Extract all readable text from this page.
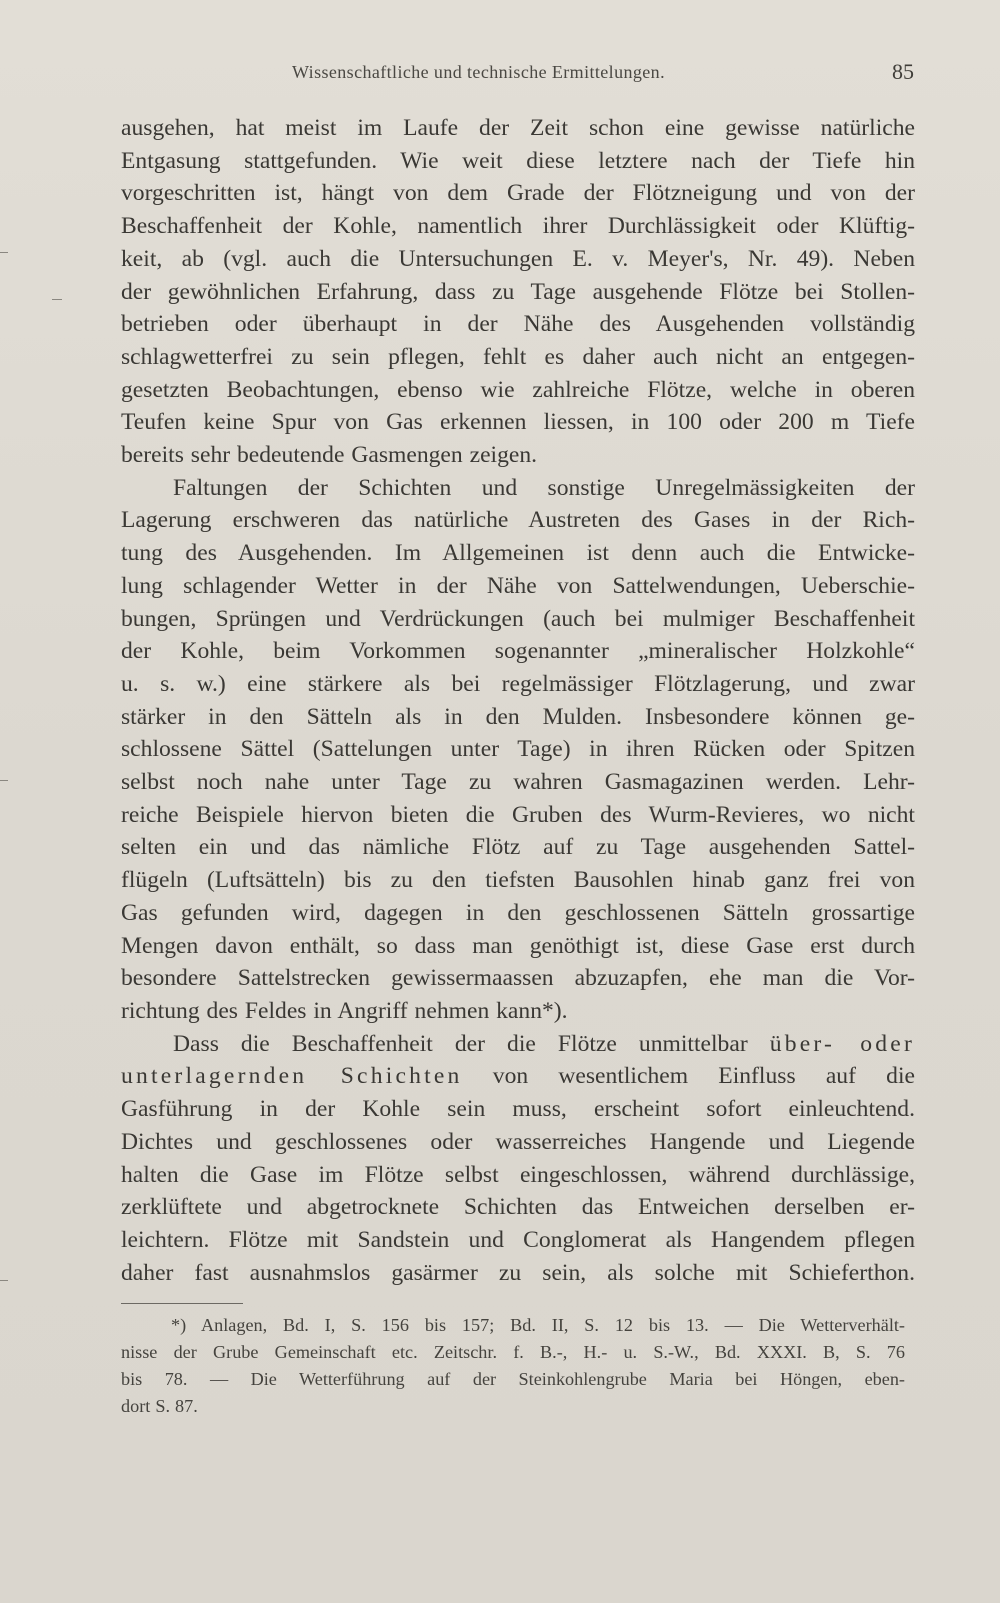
Wissenschaftliche und technische Ermittelungen.	85

ausgehen, hat meist im Laufe der Zeit schon eine gewisse natürliche
Entgasung stattgefunden. Wie weit diese letztere nach der Tiefe hin
vorgeschritten ist, hängt von dem Grade der Flötzneigung und von der
Beschaffenheit der Kohle, namentlich ihrer Durchlässigkeit oder Klüftig-
keit, ab (vgl. auch die Untersuchungen E. v. Meyer's, Nr. 49). Neben
der gewöhnlichen Erfahrung, dass zu Tage ausgehende Flötze bei Stollen-
betrieben oder überhaupt in der Nähe des Ausgehenden vollständig
schlagwetterfrei zu sein pflegen, fehlt es daher auch nicht an entgegen-
gesetzten Beobachtungen, ebenso wie zahlreiche Flötze, welche in oberen
Teufen keine Spur von Gas erkennen liessen, in 100 oder 200 m Tiefe
bereits sehr bedeutende Gasmengen zeigen.

Faltungen der Schichten und sonstige Unregelmässigkeiten der
Lagerung erschweren das natürliche Austreten des Gases in der Rich-
tung des Ausgehenden. Im Allgemeinen ist denn auch die Entwicke-
lung schlagender Wetter in der Nähe von Sattelwendungen, Ueberschie-
bungen, Sprüngen und Verdrückungen (auch bei mulmiger Beschaffenheit
der Kohle, beim Vorkommen sogenannter „mineralischer Holzkohle“
u. s. w.) eine stärkere als bei regelmässiger Flötzlagerung, und zwar
stärker in den Sätteln als in den Mulden. Insbesondere können ge-
schlossene Sättel (Sattelungen unter Tage) in ihren Rücken oder Spitzen
selbst noch nahe unter Tage zu wahren Gasmagazinen werden. Lehr-
reiche Beispiele hiervon bieten die Gruben des Wurm-Revieres, wo nicht
selten ein und das nämliche Flötz auf zu Tage ausgehenden Sattel-
flügeln (Luftsätteln) bis zu den tiefsten Bausohlen hinab ganz frei von
Gas gefunden wird, dagegen in den geschlossenen Sätteln grossartige
Mengen davon enthält, so dass man genöthigt ist, diese Gase erst durch
besondere Sattelstrecken gewissermaassen abzuzapfen, ehe man die Vor-
richtung des Feldes in Angriff nehmen kann*).

Dass die Beschaffenheit der die Flötze unmittelbar über- oder
unterlagernden Schichten von wesentlichem Einfluss auf die
Gasführung in der Kohle sein muss, erscheint sofort einleuchtend.
Dichtes und geschlossenes oder wasserreiches Hangende und Liegende
halten die Gase im Flötze selbst eingeschlossen, während durchlässige,
zerklüftete und abgetrocknete Schichten das Entweichen derselben er-
leichtern. Flötze mit Sandstein und Conglomerat als Hangendem pflegen
daher fast ausnahmslos gasärmer zu sein, als solche mit Schieferthon.

*) Anlagen, Bd. I, S. 156 bis 157; Bd. II, S. 12 bis 13. — Die Wetterverhält-
nisse der Grube Gemeinschaft etc. Zeitschr. f. B.-, H.- u. S.-W., Bd. XXXI. B, S. 76
bis 78. — Die Wetterführung auf der Steinkohlengrube Maria bei Höngen, eben-
dort S. 87.
